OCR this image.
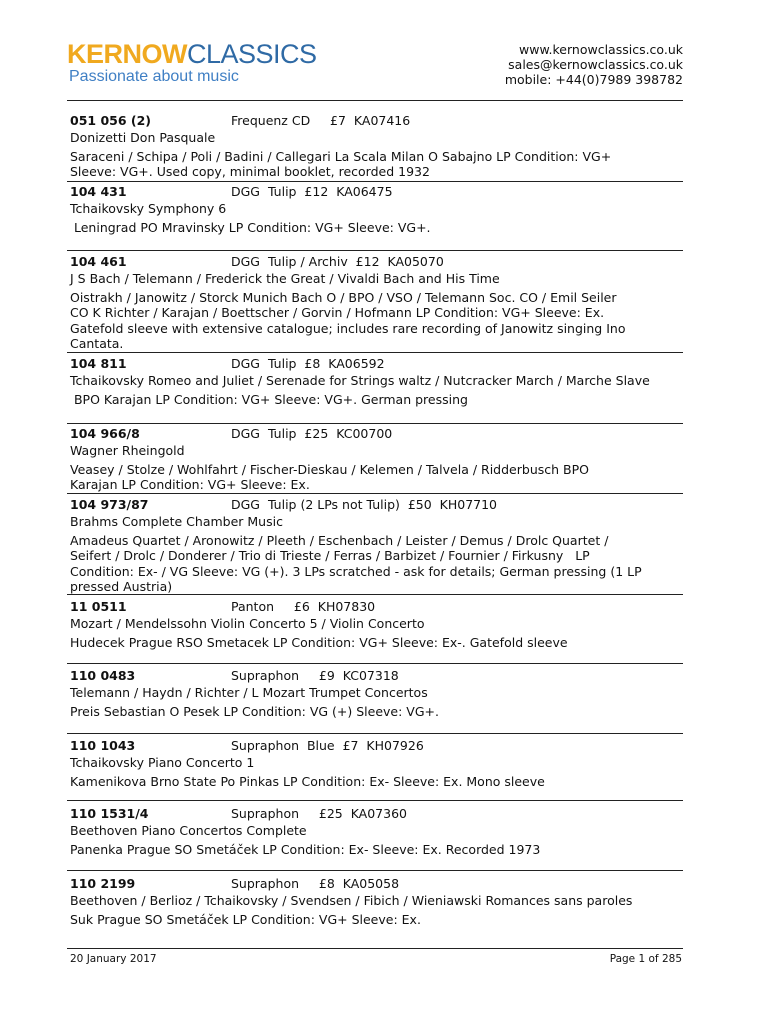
KERNOWCLASSICS
Passionate about music
www.kernowclassics.co.uk
sales@kernowclassics.co.uk
mobile: +44(0)7989 398782
051 056 (2)	Frequenz CD     £7  KA07416
Donizetti Don Pasquale
Saraceni / Schipa / Poli / Badini / Callegari La Scala Milan O Sabajno LP Condition: VG+
Sleeve: VG+. Used copy, minimal booklet, recorded 1932
104 431	DGG  Tulip  £12  KA06475
Tchaikovsky Symphony 6
Leningrad PO Mravinsky LP Condition: VG+ Sleeve: VG+.
104 461	DGG  Tulip / Archiv  £12  KA05070
J S Bach / Telemann / Frederick the Great / Vivaldi Bach and His Time
Oistrakh / Janowitz / Storck Munich Bach O / BPO / VSO / Telemann Soc. CO / Emil Seiler
CO K Richter / Karajan / Boettscher / Gorvin / Hofmann LP Condition: VG+ Sleeve: Ex.
Gatefold sleeve with extensive catalogue; includes rare recording of Janowitz singing Ino
Cantata.
104 811	DGG  Tulip  £8  KA06592
Tchaikovsky Romeo and Juliet / Serenade for Strings waltz / Nutcracker March / Marche Slave
BPO Karajan LP Condition: VG+ Sleeve: VG+. German pressing
104 966/8	DGG  Tulip  £25  KC00700
Wagner Rheingold
Veasey / Stolze / Wohlfahrt / Fischer-Dieskau / Kelemen / Talvela / Ridderbusch BPO
Karajan LP Condition: VG+ Sleeve: Ex.
104 973/87	DGG  Tulip (2 LPs not Tulip)  £50  KH07710
Brahms Complete Chamber Music
Amadeus Quartet / Aronowitz / Pleeth / Eschenbach / Leister / Demus / Drolc Quartet /
Seifert / Drolc / Donderer / Trio di Trieste / Ferras / Barbizet / Fournier / Firkusny   LP
Condition: Ex- / VG Sleeve: VG (+). 3 LPs scratched - ask for details; German pressing (1 LP
pressed Austria)
11 0511	Panton     £6  KH07830
Mozart / Mendelssohn Violin Concerto 5 / Violin Concerto
Hudecek Prague RSO Smetacek LP Condition: VG+ Sleeve: Ex-. Gatefold sleeve
110 0483	Supraphon     £9  KC07318
Telemann / Haydn / Richter / L Mozart Trumpet Concertos
Preis Sebastian O Pesek LP Condition: VG (+) Sleeve: VG+.
110 1043	Supraphon  Blue  £7  KH07926
Tchaikovsky Piano Concerto 1
Kamenikova Brno State Po Pinkas LP Condition: Ex- Sleeve: Ex. Mono sleeve
110 1531/4	Supraphon     £25  KA07360
Beethoven Piano Concertos Complete
Panenka Prague SO Smetáček LP Condition: Ex- Sleeve: Ex. Recorded 1973
110 2199	Supraphon     £8  KA05058
Beethoven / Berlioz / Tchaikovsky / Svendsen / Fibich / Wieniawski Romances sans paroles
Suk Prague SO Smetáček LP Condition: VG+ Sleeve: Ex.
20 January 2017	Page 1 of 285
